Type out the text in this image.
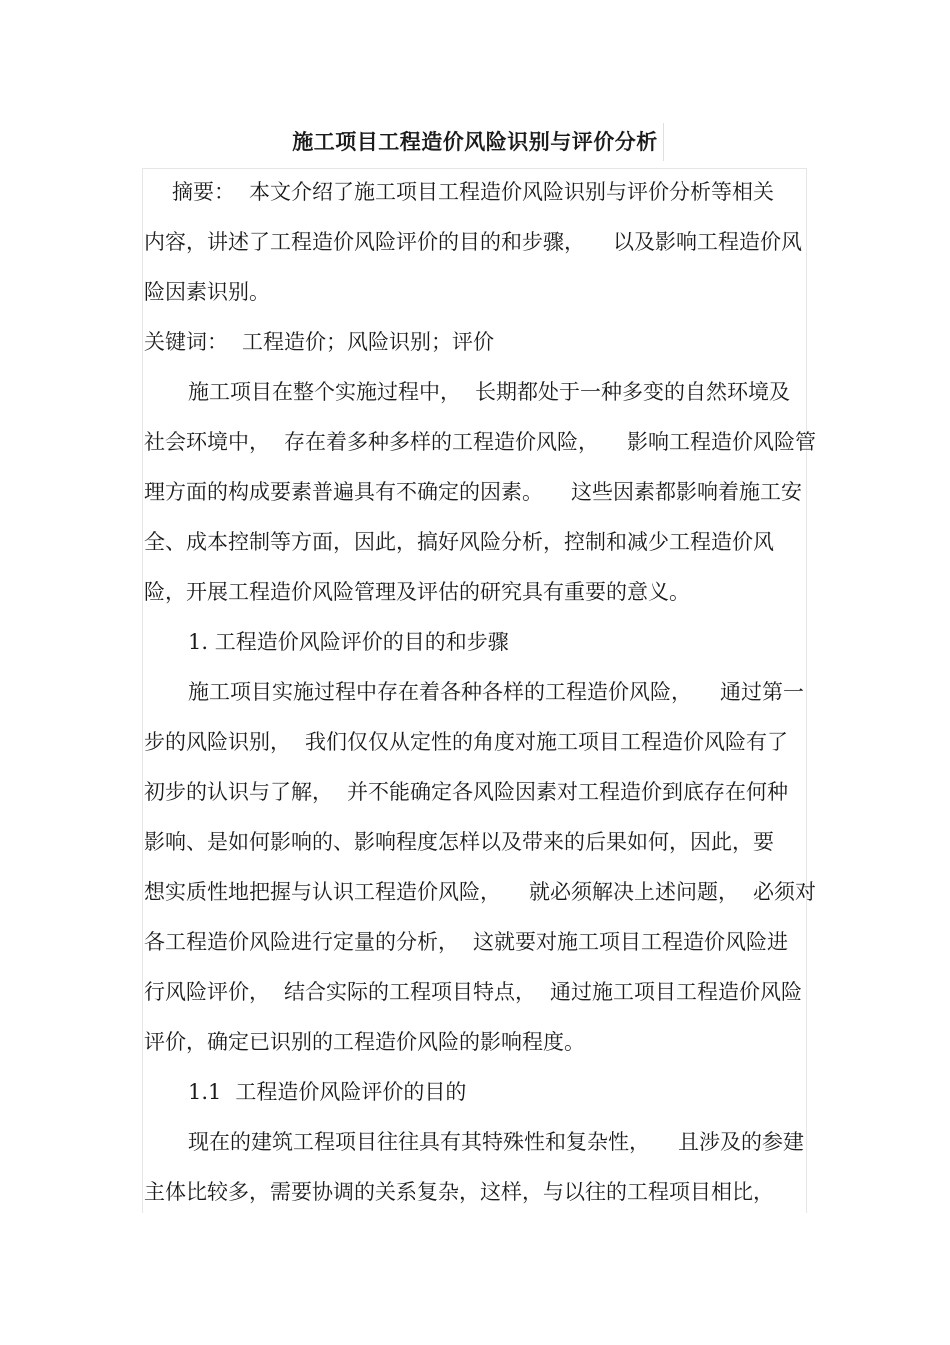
施工项目工程造价风险识别与评价分析
摘要： 本文介绍了施工项目工程造价风险识别与评价分析等相关
内容，讲述了工程造价风险评价的目的和步骤， 以及影响工程造价风
险因素识别。
关键词： 工程造价；风险识别；评价
施工项目在整个实施过程中， 长期都处于一种多变的自然环境及
社会环境中， 存在着多种多样的工程造价风险， 影响工程造价风险管
理方面的构成要素普遍具有不确定的因素。 这些因素都影响着施工安
全、成本控制等方面，因此，搞好风险分析，控制和减少工程造价风
险，开展工程造价风险管理及评估的研究具有重要的意义。
1. 工程造价风险评价的目的和步骤
施工项目实施过程中存在着各种各样的工程造价风险， 通过第一
步的风险识别， 我们仅仅从定性的角度对施工项目工程造价风险有了
初步的认识与了解， 并不能确定各风险因素对工程造价到底存在何种
影响、是如何影响的、影响程度怎样以及带来的后果如何，因此，要
想实质性地把握与认识工程造价风险， 就必须解决上述问题， 必须对
各工程造价风险进行定量的分析， 这就要对施工项目工程造价风险进
行风险评价， 结合实际的工程项目特点， 通过施工项目工程造价风险
评价，确定已识别的工程造价风险的影响程度。
1.1 工程造价风险评价的目的
现在的建筑工程项目往往具有其特殊性和复杂性， 且涉及的参建
主体比较多，需要协调的关系复杂，这样，与以往的工程项目相比，
